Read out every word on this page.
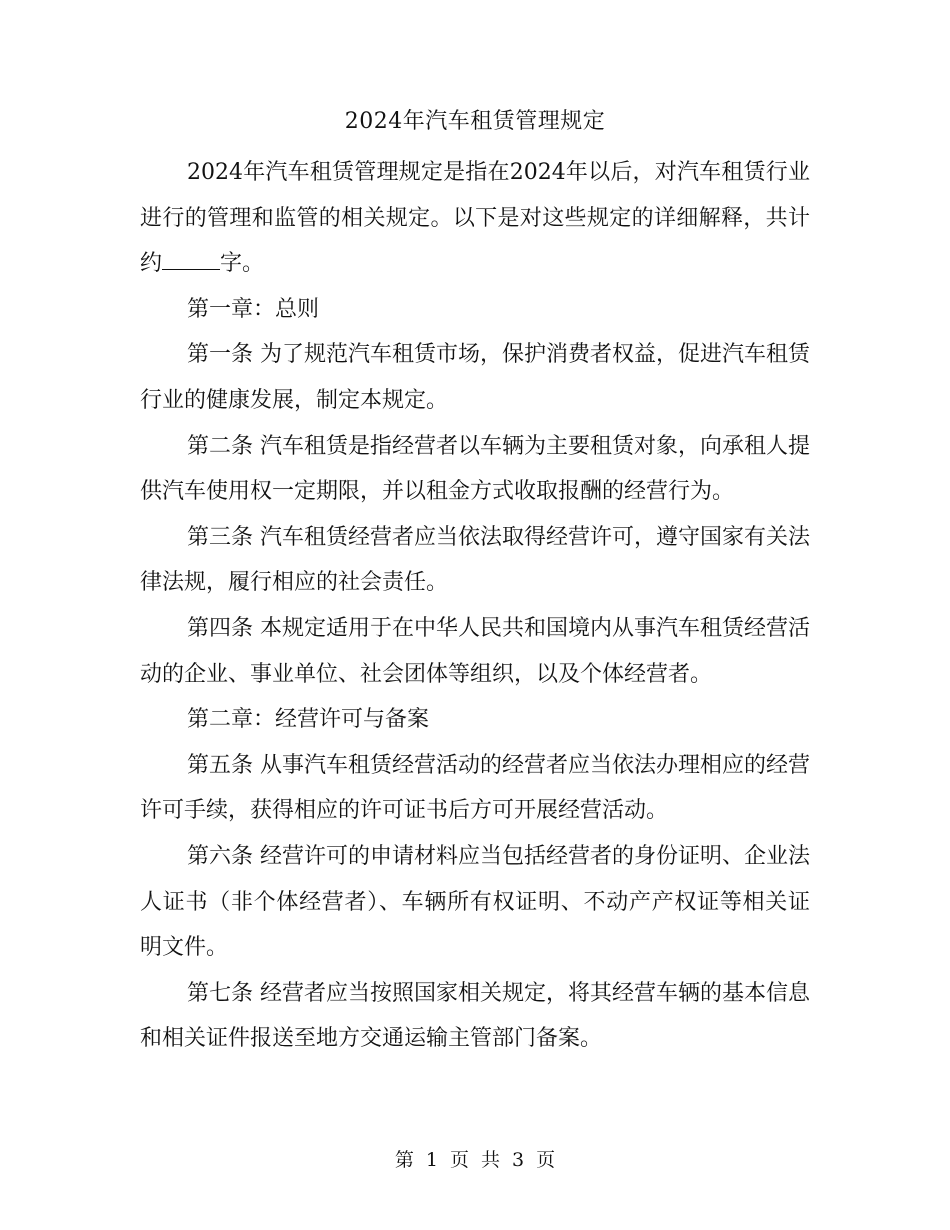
2024年汽车租赁管理规定

2024年汽车租赁管理规定是指在2024年以后，对汽车租赁行业进行的管理和监管的相关规定。以下是对这些规定的详细解释，共计约	字。

第一章：总则

第一条 为了规范汽车租赁市场，保护消费者权益，促进汽车租赁行业的健康发展，制定本规定。

第二条 汽车租赁是指经营者以车辆为主要租赁对象，向承租人提供汽车使用权一定期限，并以租金方式收取报酬的经营行为。

第三条 汽车租赁经营者应当依法取得经营许可，遵守国家有关法律法规，履行相应的社会责任。

第四条 本规定适用于在中华人民共和国境内从事汽车租赁经营活动的企业、事业单位、社会团体等组织，以及个体经营者。

第二章：经营许可与备案

第五条 从事汽车租赁经营活动的经营者应当依法办理相应的经营许可手续，获得相应的许可证书后方可开展经营活动。

第六条 经营许可的申请材料应当包括经营者的身份证明、企业法人证书（非个体经营者）、车辆所有权证明、不动产产权证等相关证明文件。

第七条 经营者应当按照国家相关规定，将其经营车辆的基本信息和相关证件报送至地方交通运输主管部门备案。

第 1 页 共 3 页
